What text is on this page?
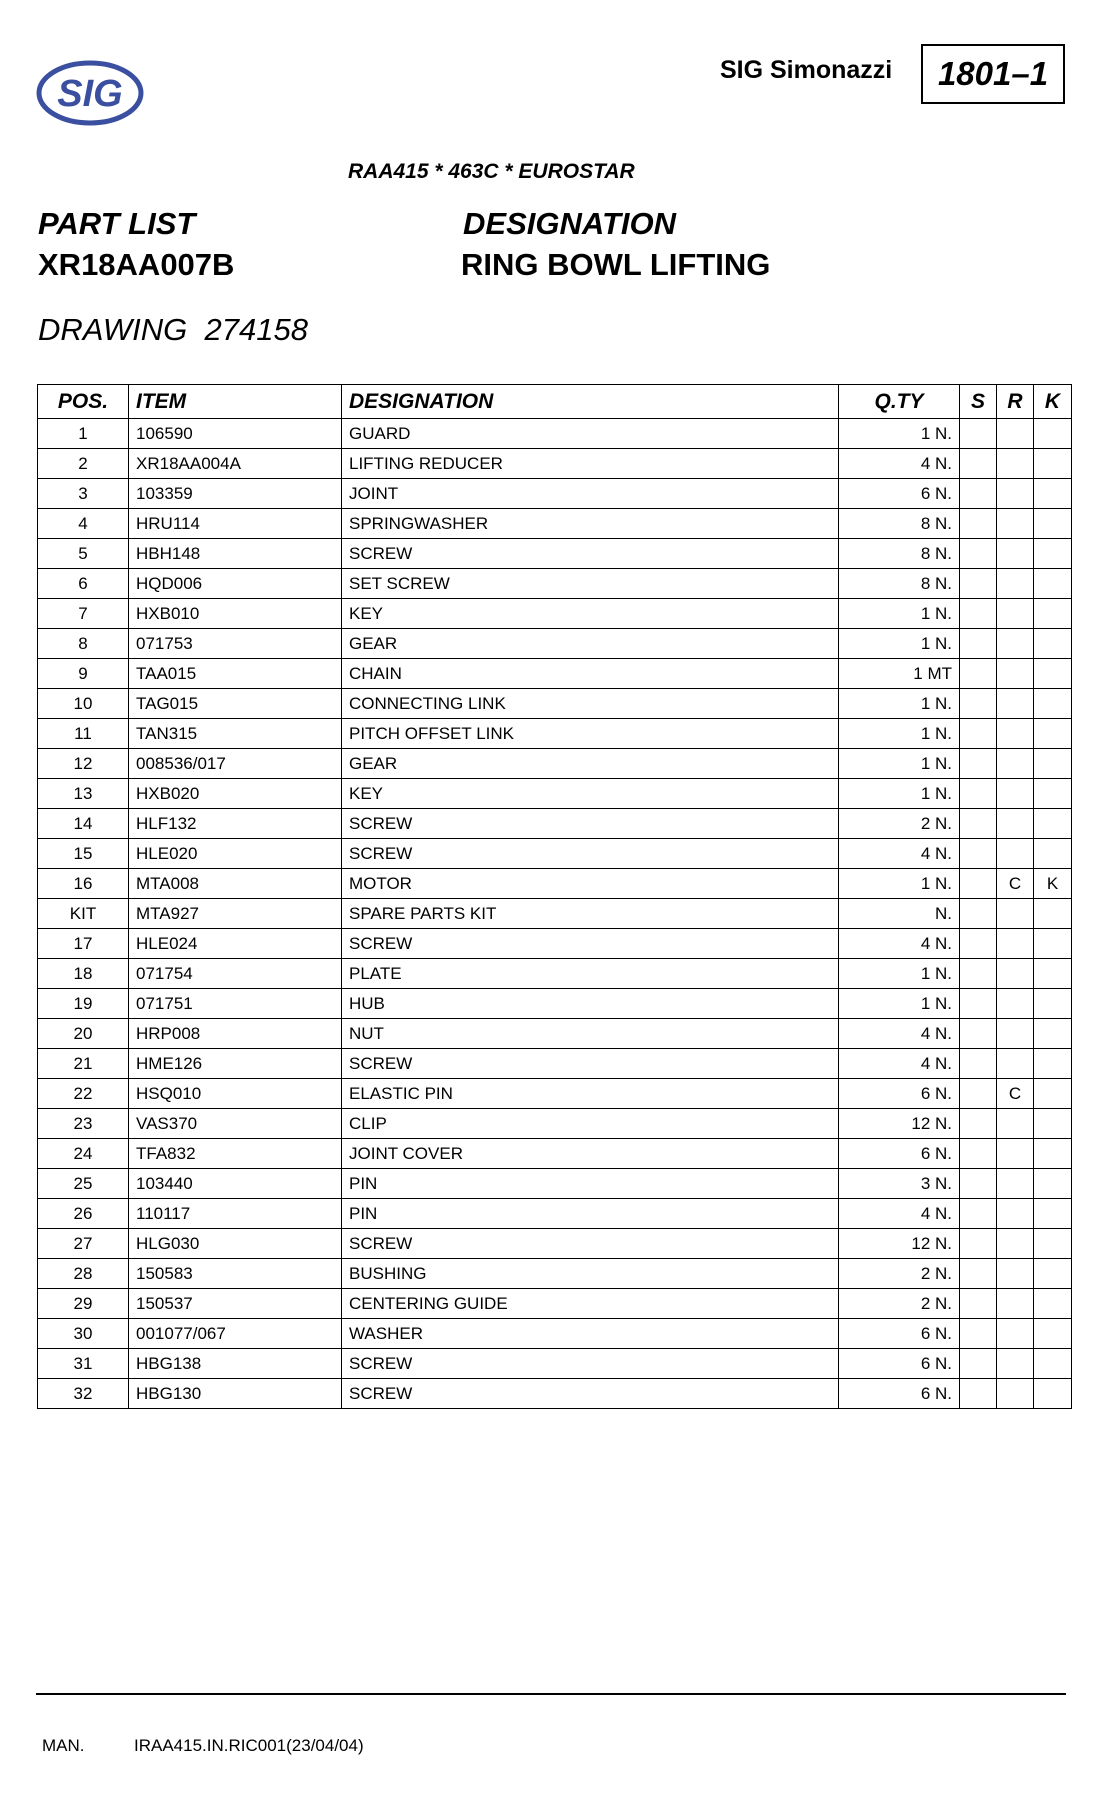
SIG
SIG Simonazzi 1801–1
RAA415 * 463C * EUROSTAR
PART LIST
XR18AA007B
DESIGNATION
RING BOWL LIFTING
DRAWING  274158
POS.	ITEM	DESIGNATION	Q.TY	S	R	K
1	106590	GUARD	1 N.			
2	XR18AA004A	LIFTING REDUCER	4 N.			
3	103359	JOINT	6 N.			
4	HRU114	SPRINGWASHER	8 N.			
5	HBH148	SCREW	8 N.			
6	HQD006	SET SCREW	8 N.			
7	HXB010	KEY	1 N.			
8	071753	GEAR	1 N.			
9	TAA015	CHAIN	1 MT			
10	TAG015	CONNECTING LINK	1 N.			
11	TAN315	PITCH OFFSET LINK	1 N.			
12	008536/017	GEAR	1 N.			
13	HXB020	KEY	1 N.			
14	HLF132	SCREW	2 N.			
15	HLE020	SCREW	4 N.			
16	MTA008	MOTOR	1 N.		C	K
KIT	MTA927	SPARE PARTS KIT	N.			
17	HLE024	SCREW	4 N.			
18	071754	PLATE	1 N.			
19	071751	HUB	1 N.			
20	HRP008	NUT	4 N.			
21	HME126	SCREW	4 N.			
22	HSQ010	ELASTIC PIN	6 N.		C	
23	VAS370	CLIP	12 N.			
24	TFA832	JOINT COVER	6 N.			
25	103440	PIN	3 N.			
26	110117	PIN	4 N.			
27	HLG030	SCREW	12 N.			
28	150583	BUSHING	2 N.			
29	150537	CENTERING GUIDE	2 N.			
30	001077/067	WASHER	6 N.			
31	HBG138	SCREW	6 N.			
32	HBG130	SCREW	6 N.			
MAN.	IRAA415.IN.RIC001(23/04/04)
